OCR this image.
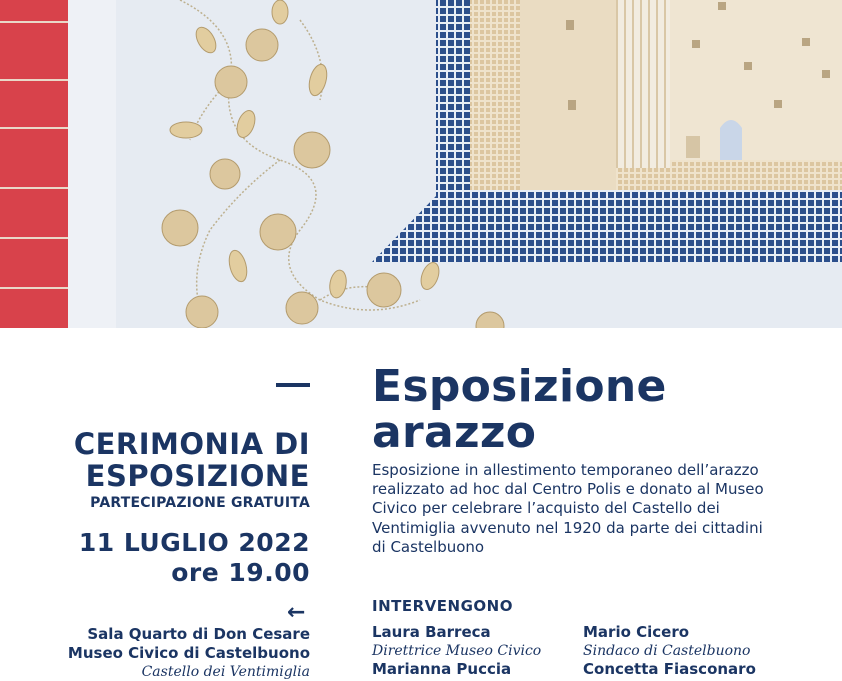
CERIMONIA DI
ESPOSIZIONE
PARTECIPAZIONE GRATUITA
11 LUGLIO 2022
ore 19.00
←
Sala Quarto di Don Cesare
Museo Civico di Castelbuono
Castello dei Ventimiglia
Esposizione
arazzo
Esposizione in allestimento temporaneo dell’arazzo realizzato ad hoc dal Centro Polis e donato al Museo Civico per celebrare l’acquisto del Castello dei Ventimiglia avvenuto nel 1920 da parte dei cittadini di Castelbuono
INTERVENGONO
Laura Barreca
Direttrice Museo Civico
Mario Cicero
Sindaco di Castelbuono
Marianna Puccia	Concetta Fiasconaro
